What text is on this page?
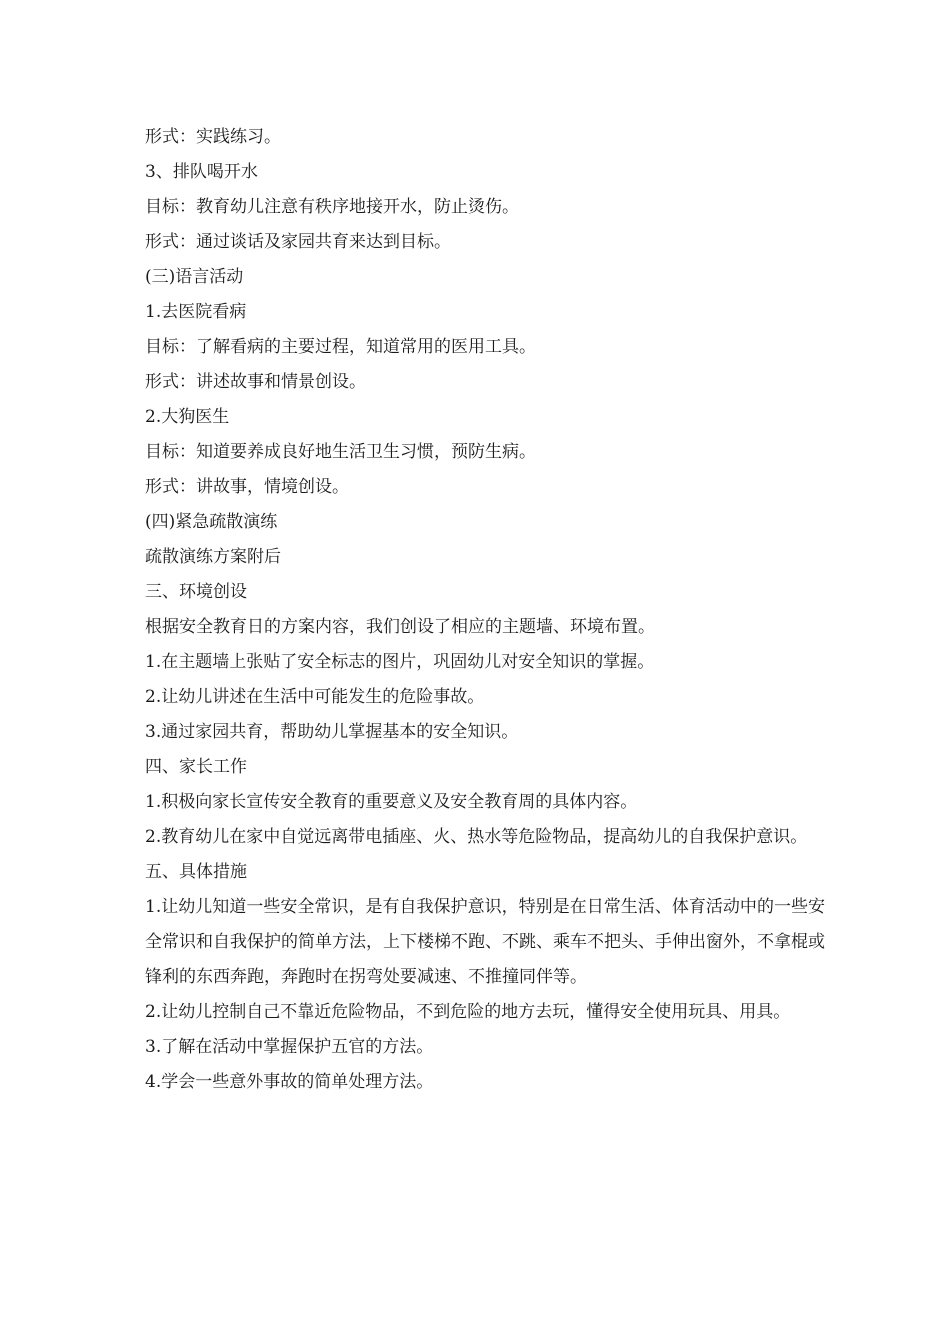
形式：实践练习。

3、排队喝开水

目标：教育幼儿注意有秩序地接开水，防止烫伤。

形式：通过谈话及家园共育来达到目标。

(三)语言活动

1.去医院看病

目标：了解看病的主要过程，知道常用的医用工具。

形式：讲述故事和情景创设。

2.大狗医生

目标：知道要养成良好地生活卫生习惯，预防生病。

形式：讲故事，情境创设。

(四)紧急疏散演练

疏散演练方案附后

三、环境创设

根据安全教育日的方案内容，我们创设了相应的主题墙、环境布置。

1.在主题墙上张贴了安全标志的图片，巩固幼儿对安全知识的掌握。

2.让幼儿讲述在生活中可能发生的危险事故。

3.通过家园共育，帮助幼儿掌握基本的安全知识。

四、家长工作

1.积极向家长宣传安全教育的重要意义及安全教育周的具体内容。

2.教育幼儿在家中自觉远离带电插座、火、热水等危险物品，提高幼儿的自我保护意识。

五、具体措施

1.让幼儿知道一些安全常识，是有自我保护意识，特别是在日常生活、体育活动中的一些安全常识和自我保护的简单方法，上下楼梯不跑、不跳、乘车不把头、手伸出窗外，不拿棍或锋利的东西奔跑，奔跑时在拐弯处要减速、不推撞同伴等。

2.让幼儿控制自己不靠近危险物品，不到危险的地方去玩，懂得安全使用玩具、用具。

3.了解在活动中掌握保护五官的方法。

4.学会一些意外事故的简单处理方法。
